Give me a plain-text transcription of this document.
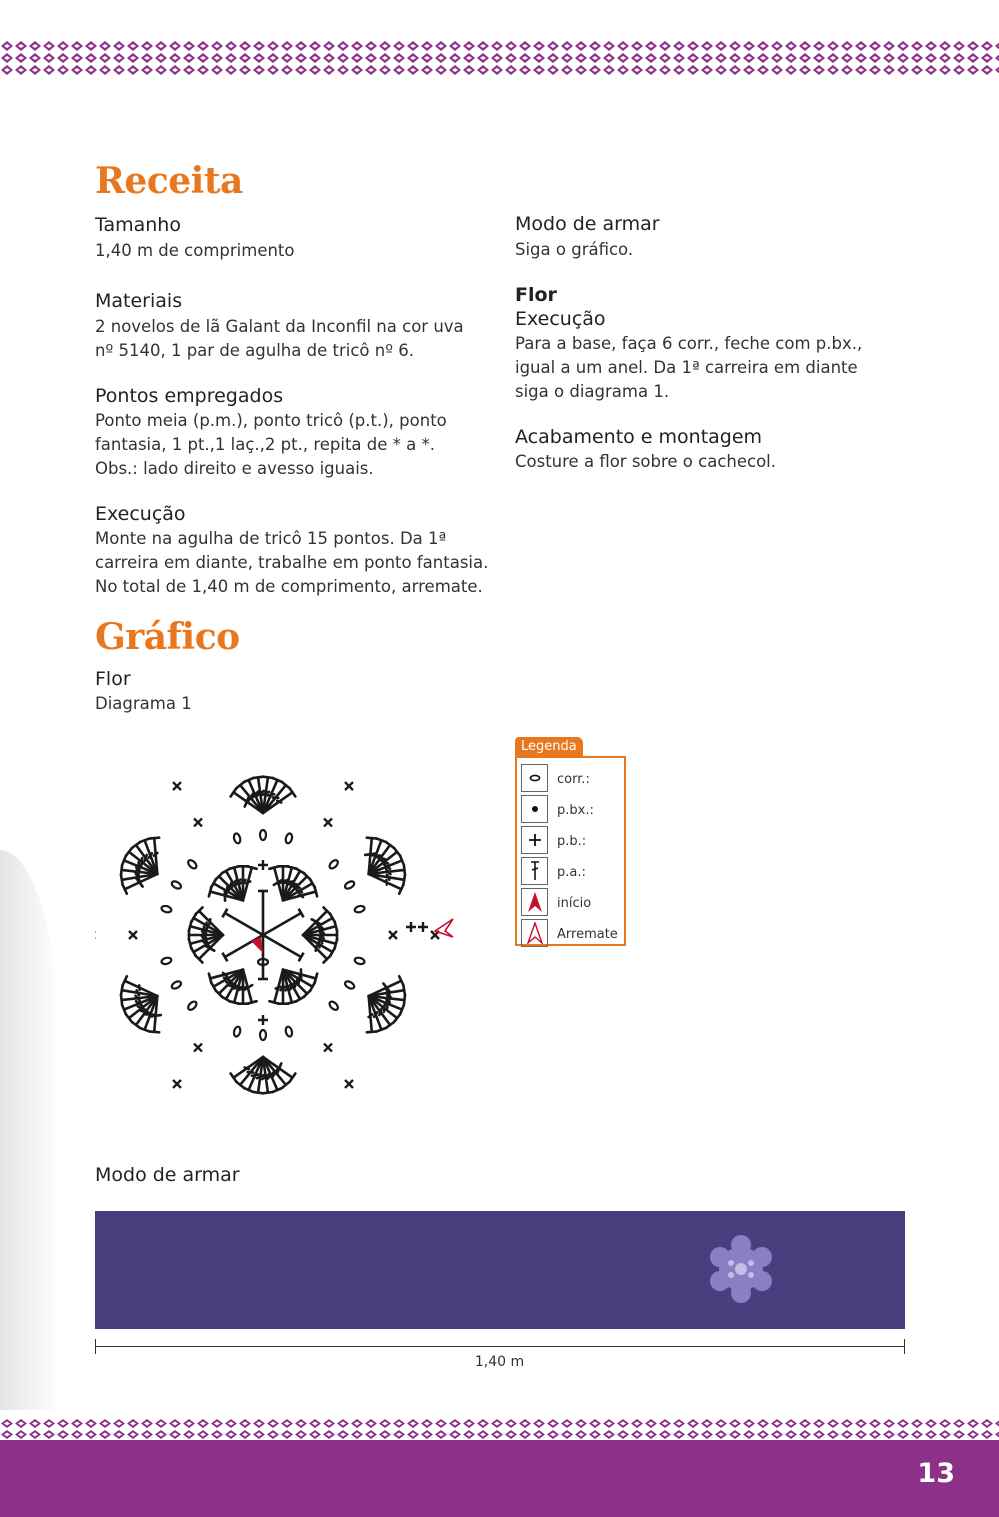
Receita

Tamanho

1,40 m de comprimento

Materiais

2 novelos de lã Galant da Inconfil na cor uva

nº 5140, 1 par de agulha de tricô nº 6.

Pontos empregados

Ponto meia (p.m.), ponto tricô (p.t.), ponto

fantasia, 1 pt.,1 laç.,2 pt., repita de * a *.

Obs.: lado direito e avesso iguais.

Execução

Monte na agulha de tricô 15 pontos. Da 1ª

carreira em diante, trabalhe em ponto fantasia.

No total de 1,40 m de comprimento, arremate.

Modo de armar

Siga o gráfico.

Flor

Execução

Para a base, faça 6 corr., feche com p.bx.,

igual a um anel. Da 1ª carreira em diante

siga o diagrama 1.

Acabamento e montagem

Costure a flor sobre o cachecol.

Gráfico

Flor

Diagrama 1

Legenda
corr.:
p.bx.:
p.b.:
p.a.:
início
Arremate

Modo de armar

1,40 m
13
